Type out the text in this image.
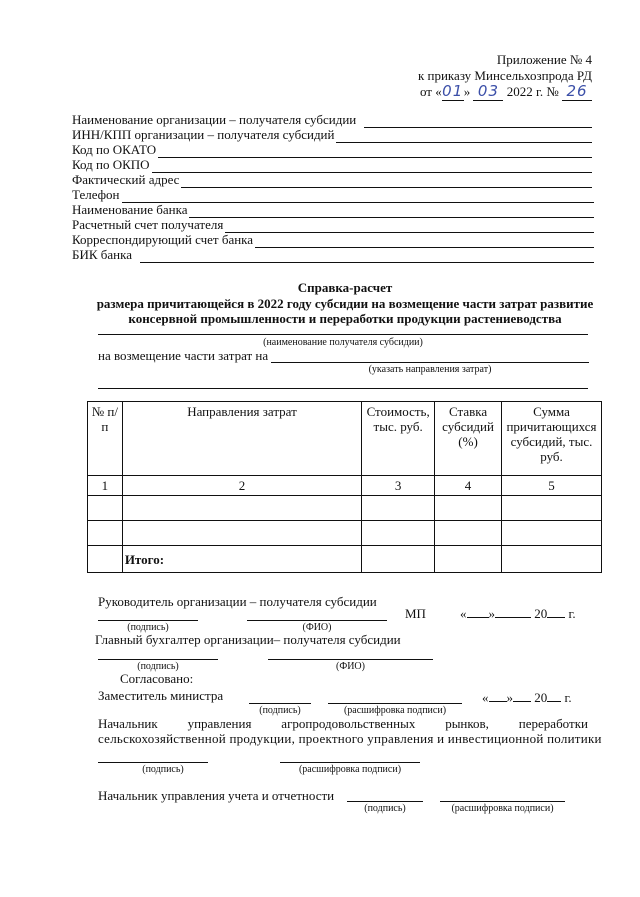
Приложение № 4
к приказу Минсельхозпрода РД
от «01» 03 2022 г. № 26
Наименование организации – получателя субсидии
ИНН/КПП организации – получателя субсидий
Код по ОКАТО
Код по ОКПО
Фактический адрес
Телефон
Наименование банка
Расчетный счет получателя
Корреспондирующий счет банка
БИК банка
Справка-расчет
размера причитающейся в 2022 году субсидии на возмещение части затрат развитие
консервной промышленности и переработки продукции растениеводства
(наименование получателя субсидии)
на возмещение части затрат на
(указать направления затрат)
№ п/п	Направления затрат	Стоимость, тыс. руб.	Ставка субсидий (%)	Сумма причитающихся субсидий, тыс. руб.
1	2	3	4	5

	Итого:			
Руководитель организации – получателя субсидии
(подпись)	(ФИО)
МП	« »	20 г.
Главный бухгалтер организации– получателя субсидии
(подпись)	(ФИО)
Согласовано:
Заместитель министра
(подпись)	(расшифровка подписи)
« » 20 г.
Начальник управления агропродовольственных рынков, переработки
сельскохозяйственной продукции, проектного управления и инвестиционной политики
(подпись)	(расшифровка подписи)
Начальник управления учета и отчетности
(подпись)	(расшифровка подписи)
